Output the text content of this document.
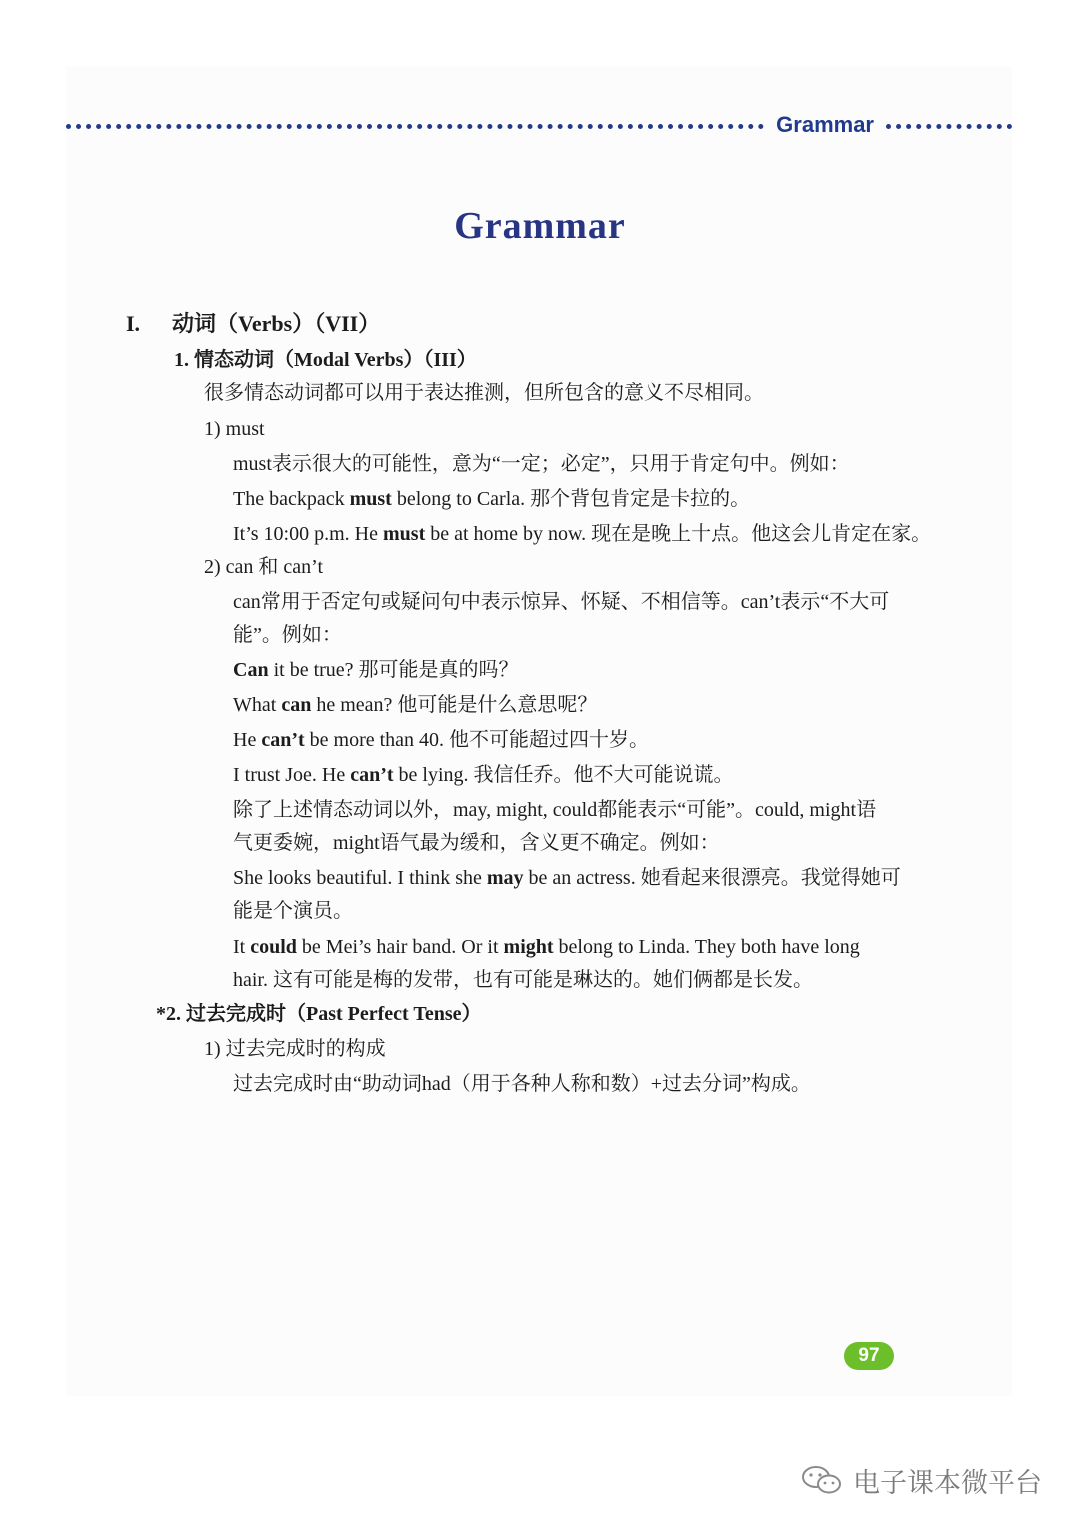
Grammar
Grammar
I. 动词（Verbs）（VII）
1. 情态动词（Modal Verbs）（III）
很多情态动词都可以用于表达推测，但所包含的意义不尽相同。
1) must
must表示很大的可能性，意为“一定；必定”，只用于肯定句中。例如：
The backpack must belong to Carla. 那个背包肯定是卡拉的。
It’s 10:00 p.m. He must be at home by now. 现在是晚上十点。他这会儿肯定在家。
2) can 和 can’t
can常用于否定句或疑问句中表示惊异、怀疑、不相信等。can’t表示“不大可
能”。例如：
Can it be true? 那可能是真的吗？
What can he mean? 他可能是什么意思呢？
He can’t be more than 40. 他不可能超过四十岁。
I trust Joe. He can’t be lying. 我信任乔。他不大可能说谎。
除了上述情态动词以外，may, might, could都能表示“可能”。could, might语
气更委婉，might语气最为缓和，含义更不确定。例如：
She looks beautiful. I think she may be an actress. 她看起来很漂亮。我觉得她可
能是个演员。
It could be Mei’s hair band. Or it might belong to Linda. They both have long
hair. 这有可能是梅的发带，也有可能是琳达的。她们俩都是长发。
*2. 过去完成时（Past Perfect Tense）
1) 过去完成时的构成
过去完成时由“助动词had（用于各种人称和数）+过去分词”构成。
97
电子课本微平台
